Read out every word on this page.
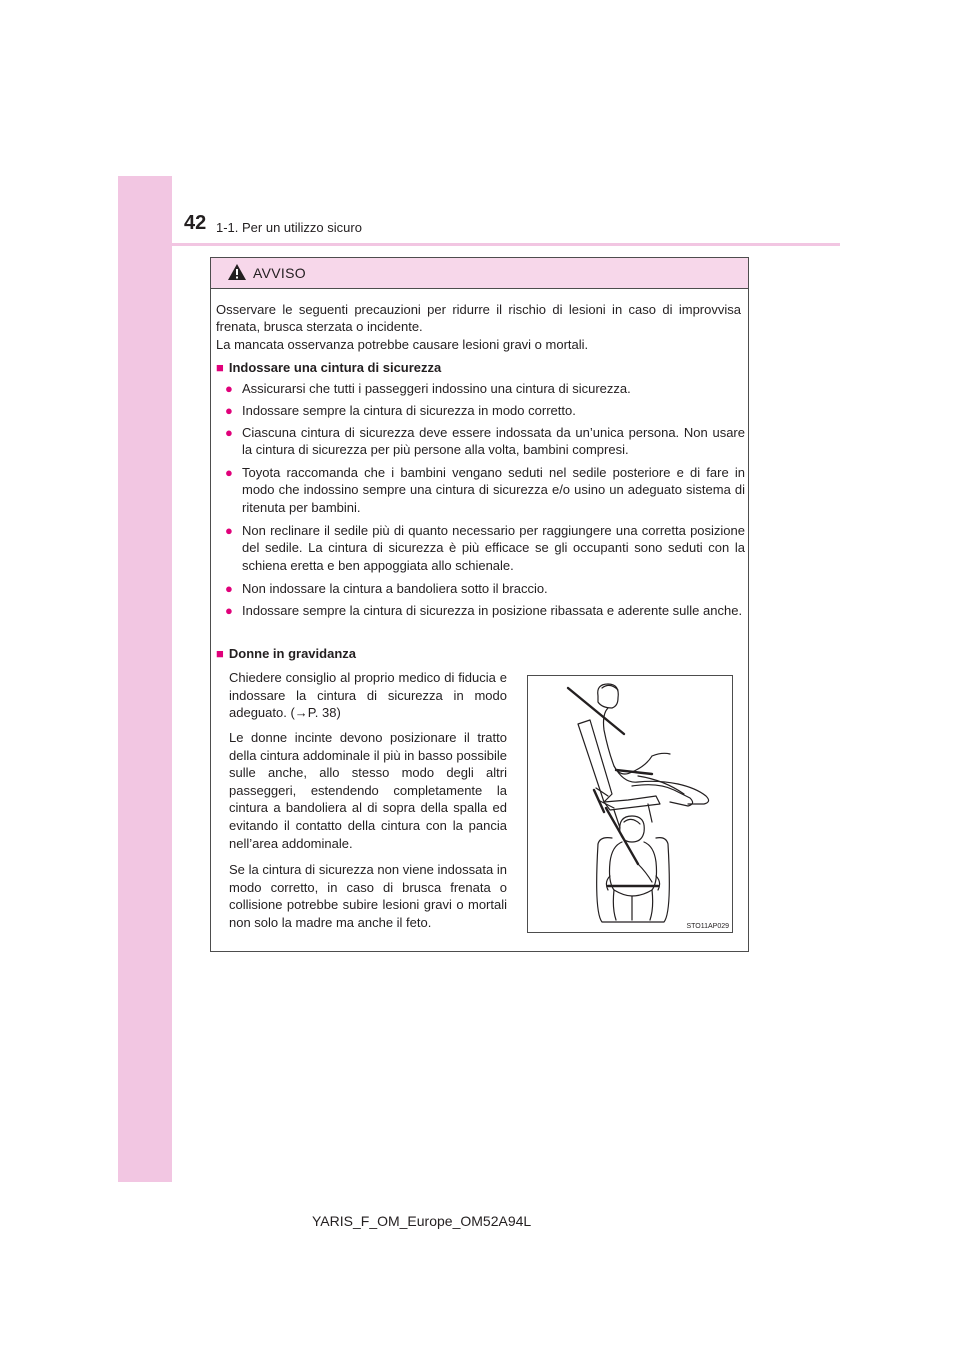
42 1-1. Per un utilizzo sicuro
AVVISO
Osservare le seguenti precauzioni per ridurre il rischio di lesioni in caso di improvvisa frenata, brusca sterzata o incidente.
La mancata osservanza potrebbe causare lesioni gravi o mortali.
■ Indossare una cintura di sicurezza
● Assicurarsi che tutti i passeggeri indossino una cintura di sicurezza.
● Indossare sempre la cintura di sicurezza in modo corretto.
● Ciascuna cintura di sicurezza deve essere indossata da un’unica persona. Non usare la cintura di sicurezza per più persone alla volta, bambini compresi.
● Toyota raccomanda che i bambini vengano seduti nel sedile posteriore e di fare in modo che indossino sempre una cintura di sicurezza e/o usino un adeguato sistema di ritenuta per bambini.
● Non reclinare il sedile più di quanto necessario per raggiungere una corretta posizione del sedile. La cintura di sicurezza è più efficace se gli occupanti sono seduti con la schiena eretta e ben appoggiata allo schienale.
● Non indossare la cintura a bandoliera sotto il braccio.
● Indossare sempre la cintura di sicurezza in posizione ribassata e aderente sulle anche.
■ Donne in gravidanza
Chiedere consiglio al proprio medico di fiducia e indossare la cintura di sicurezza in modo adeguato. (→P. 38)
Le donne incinte devono posizionare il tratto della cintura addominale il più in basso possibile sulle anche, allo stesso modo degli altri passeggeri, estendendo completamente la cintura a bandoliera al di sopra della spalla ed evitando il contatto della cintura con la pancia nell’area addominale.
Se la cintura di sicurezza non viene indossata in modo corretto, in caso di brusca frenata o collisione potrebbe subire lesioni gravi o mortali non solo la madre ma anche il feto.	STO11AP029
YARIS_F_OM_Europe_OM52A94L
